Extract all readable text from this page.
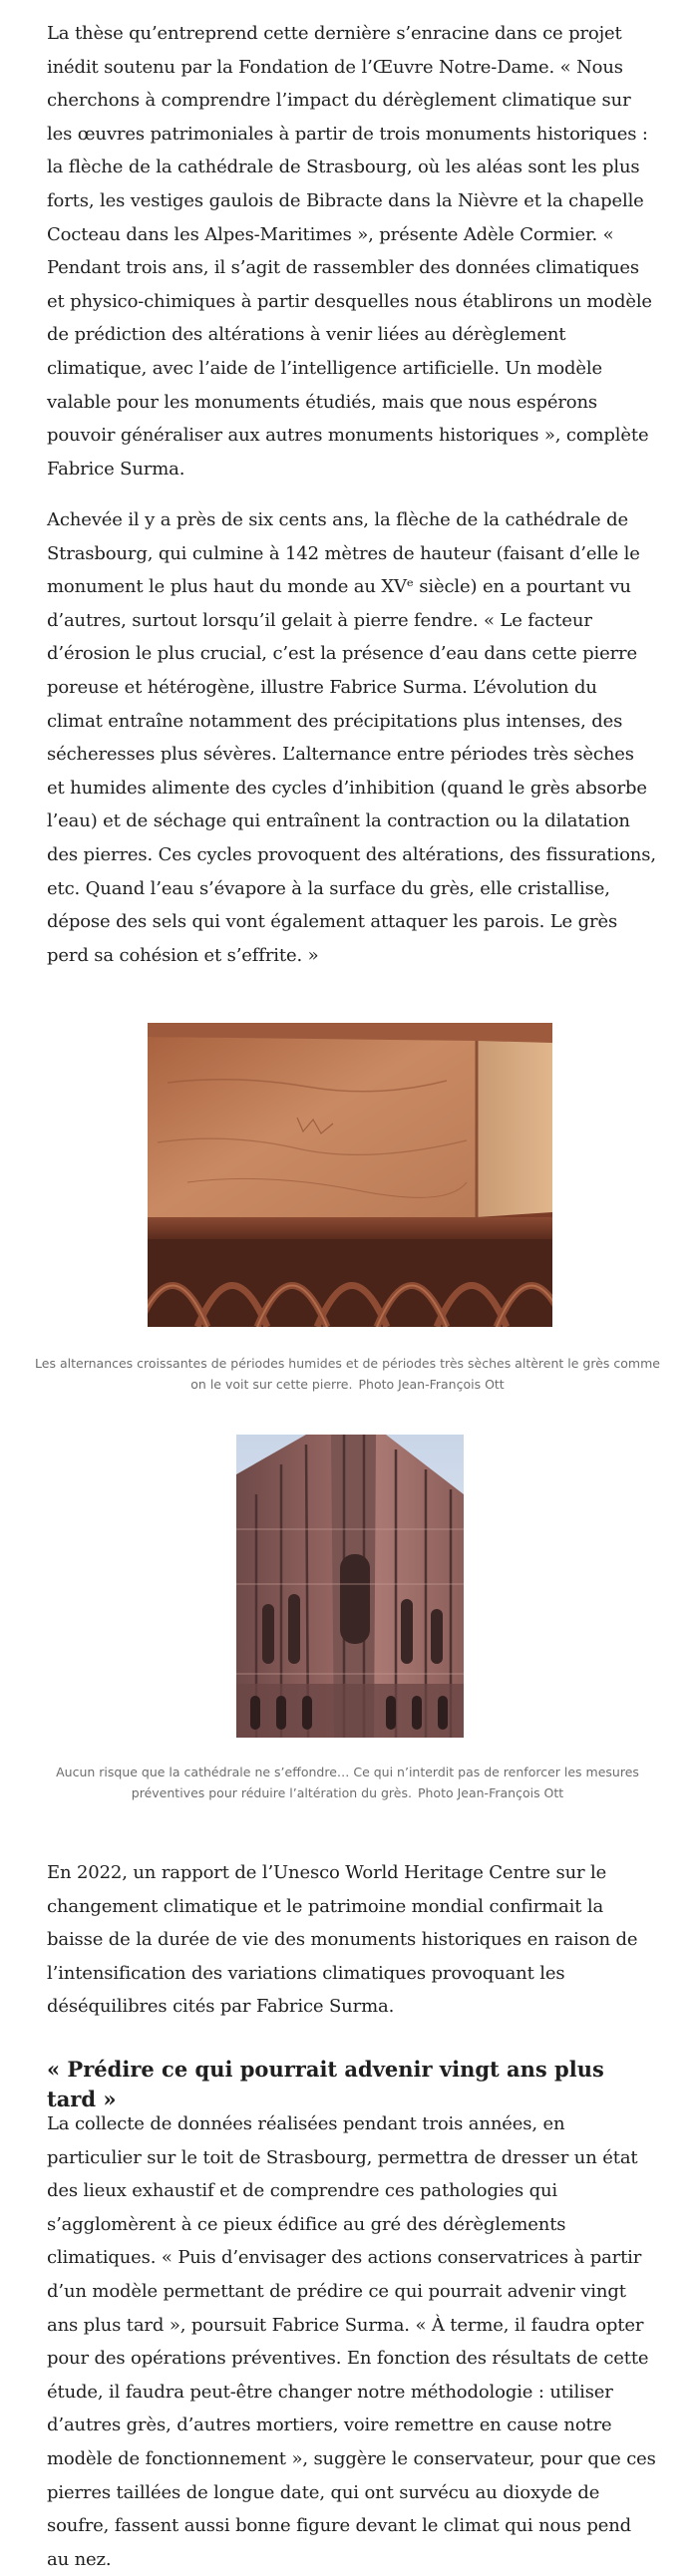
La thèse qu’entreprend cette dernière s’enracine dans ce projet inédit soutenu par la Fondation de l’Œuvre Notre-Dame. « Nous cherchons à comprendre l’impact du dérèglement climatique sur les œuvres patrimoniales à partir de trois monuments historiques : la flèche de la cathédrale de Strasbourg, où les aléas sont les plus forts, les vestiges gaulois de Bibracte dans la Nièvre et la chapelle Cocteau dans les Alpes-Maritimes », présente Adèle Cormier. « Pendant trois ans, il s’agit de rassembler des données climatiques et physico-chimiques à partir desquelles nous établirons un modèle de prédiction des altérations à venir liées au dérèglement climatique, avec l’aide de l’intelligence artificielle. Un modèle valable pour les monuments étudiés, mais que nous espérons pouvoir généraliser aux autres monuments historiques », complète Fabrice Surma.

Achevée il y a près de six cents ans, la flèche de la cathédrale de Strasbourg, qui culmine à 142 mètres de hauteur (faisant d’elle le monument le plus haut du monde au XVᵉ siècle) en a pourtant vu d’autres, surtout lorsqu’il gelait à pierre fendre. « Le facteur d’érosion le plus crucial, c’est la présence d’eau dans cette pierre poreuse et hétérogène, illustre Fabrice Surma. L’évolution du climat entraîne notamment des précipitations plus intenses, des sécheresses plus sévères. L’alternance entre périodes très sèches et humides alimente des cycles d’inhibition (quand le grès absorbe l’eau) et de séchage qui entraînent la contraction ou la dilatation des pierres. Ces cycles provoquent des altérations, des fissurations, etc. Quand l’eau s’évapore à la surface du grès, elle cristallise, dépose des sels qui vont également attaquer les parois. Le grès perd sa cohésion et s’effrite. »

Les alternances croissantes de périodes humides et de périodes très sèches altèrent le grès comme on le voit sur cette pierre. Photo Jean-François Ott

Aucun risque que la cathédrale ne s’effondre… Ce qui n’interdit pas de renforcer les mesures préventives pour réduire l’altération du grès. Photo Jean-François Ott

En 2022, un rapport de l’Unesco World Heritage Centre sur le changement climatique et le patrimoine mondial confirmait la baisse de la durée de vie des monuments historiques en raison de l’intensification des variations climatiques provoquant les déséquilibres cités par Fabrice Surma.

« Prédire ce qui pourrait advenir vingt ans plus tard »

La collecte de données réalisées pendant trois années, en particulier sur le toit de Strasbourg, permettra de dresser un état des lieux exhaustif et de comprendre ces pathologies qui s’agglomèrent à ce pieux édifice au gré des dérèglements climatiques. « Puis d’envisager des actions conservatrices à partir d’un modèle permettant de prédire ce qui pourrait advenir vingt ans plus tard », poursuit Fabrice Surma. « À terme, il faudra opter pour des opérations préventives. En fonction des résultats de cette étude, il faudra peut-être changer notre méthodologie : utiliser d’autres grès, d’autres mortiers, voire remettre en cause notre modèle de fonctionnement », suggère le conservateur, pour que ces pierres taillées de longue date, qui ont survécu au dioxyde de soufre, fassent aussi bonne figure devant le climat qui nous pend au nez.
